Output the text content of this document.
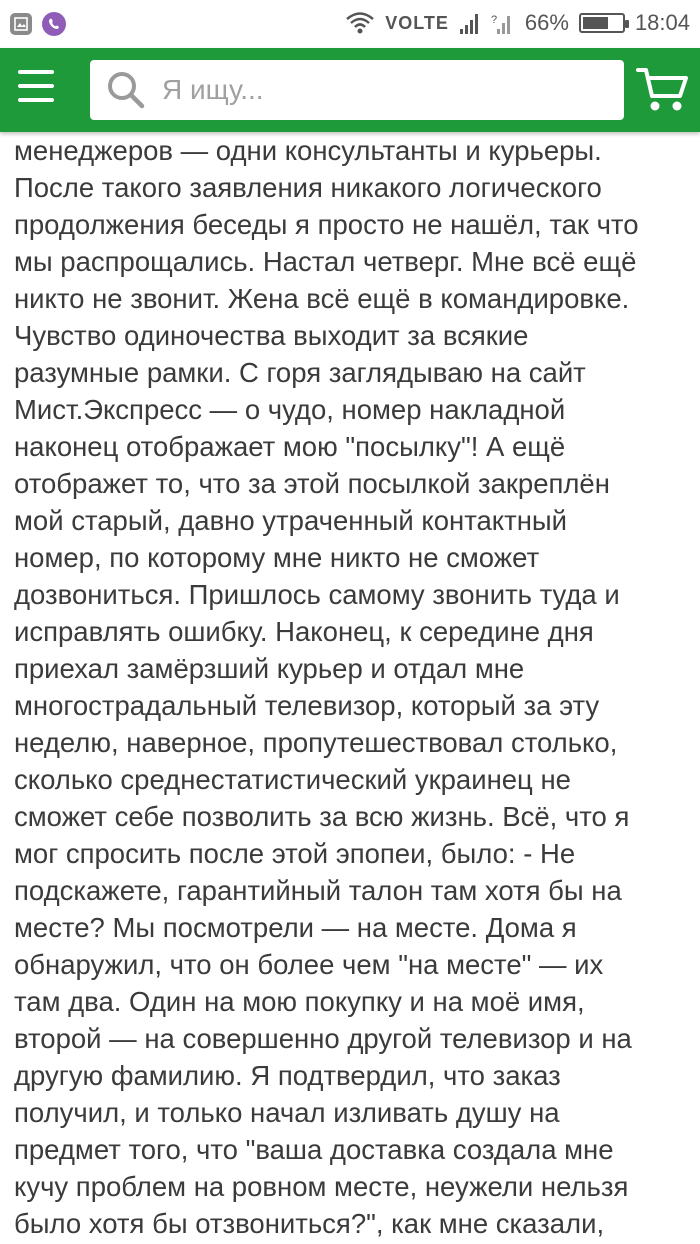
VOLTE	? 66%	18:04
Я ищу...
менеджеров — одни консультанты и курьеры.
После такого заявления никакого логического
продолжения беседы я просто не нашёл, так что
мы распрощались. Настал четверг. Мне всё ещё
никто не звонит. Жена всё ещё в командировке.
Чувство одиночества выходит за всякие
разумные рамки. С горя заглядываю на сайт
Мист.Экспресс — о чудо, номер накладной
наконец отображает мою "посылку"! А ещё
отображет то, что за этой посылкой закреплён
мой старый, давно утраченный контактный
номер, по которому мне никто не сможет
дозвониться. Пришлось самому звонить туда и
исправлять ошибку. Наконец, к середине дня
приехал замёрзший курьер и отдал мне
многострадальный телевизор, который за эту
неделю, наверное, пропутешествовал столько,
сколько среднестатистический украинец не
сможет себе позволить за всю жизнь. Всё, что я
мог спросить после этой эпопеи, было: - Не
подскажете, гарантийный талон там хотя бы на
месте? Мы посмотрели — на месте. Дома я
обнаружил, что он более чем "на месте" — их
там два. Один на мою покупку и на моё имя,
второй — на совершенно другой телевизор и на
другую фамилию. Я подтвердил, что заказ
получил, и только начал изливать душу на
предмет того, что "ваша доставка создала мне
кучу проблем на ровном месте, неужели нельзя
было хотя бы отзвониться?", как мне сказали,
